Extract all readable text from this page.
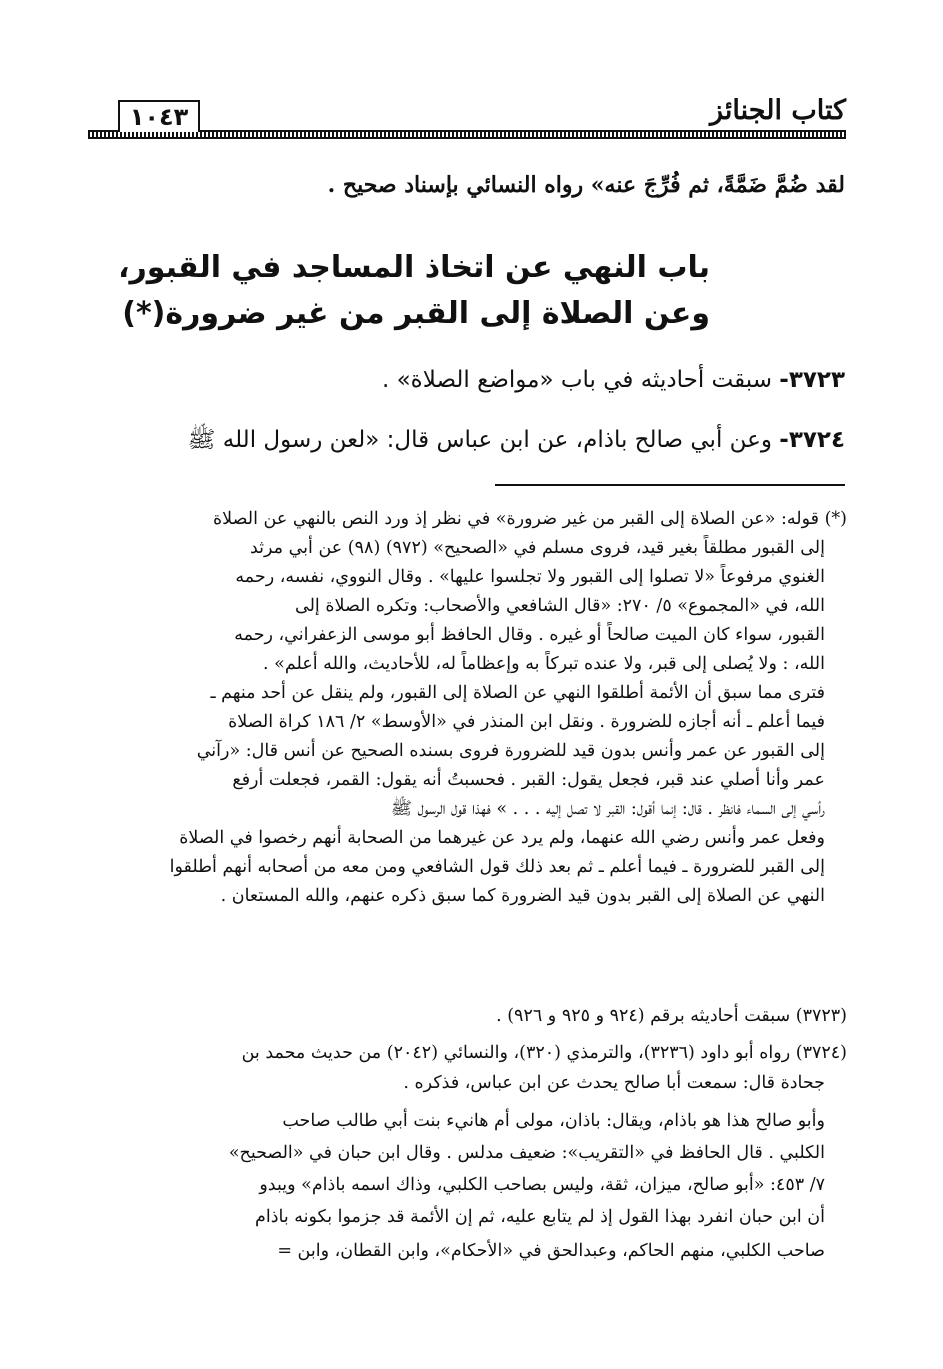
كتاب الجنائز
١٠٤٣
لقد ضُمَّ ضَمَّةً، ثم فُرِّجَ عنه» رواه النسائي بإسناد صحيح .
باب النهي عن اتخاذ المساجد في القبور،
وعن الصلاة إلى القبر من غير ضرورة(*)
٣٧٢٣- سبقت أحاديثه في باب «مواضع الصلاة» .
٣٧٢٤- وعن أبي صالح باذام، عن ابن عباس قال: «لعن رسول الله ﷺ
(*) قوله: «عن الصلاة إلى القبر من غير ضرورة» في نظر إذ ورد النص بالنهي عن الصلاة
إلى القبور مطلقاً بغير قيد، فروى مسلم في «الصحيح» (٩٧٢) (٩٨) عن أبي مرثد
الغنوي مرفوعاً «لا تصلوا إلى القبور ولا تجلسوا عليها» . وقال النووي، نفسه، رحمه
الله، في «المجموع» ٥/ ٢٧٠: «قال الشافعي والأصحاب: وتكره الصلاة إلى
القبور، سواء كان الميت صالحاً أو غيره . وقال الحافظ أبو موسى الزعفراني، رحمه
الله، : ولا يُصلى إلى قبر، ولا عنده تبركاً به وإعظاماً له، للأحاديث، والله أعلم» .
فترى مما سبق أن الأئمة أطلقوا النهي عن الصلاة إلى القبور، ولم ينقل عن أحد منهم ـ
فيما أعلم ـ أنه أجازه للضرورة . ونقل ابن المنذر في «الأوسط» ٢/ ١٨٦ كراة الصلاة
إلى القبور عن عمر وأنس بدون قيد للضرورة فروى بسنده الصحيح عن أنس قال: «رآني
عمر وأنا أصلي عند قبر، فجعل يقول: القبر . فحسبتُ أنه يقول: القمر، فجعلت أرفع
رأسي إلى السماء فانظر . قال: إنما أقول: القبر لا تصل إليه . . . » فهذا قول الرسول ﷺ
وفعل عمر وأنس رضي الله عنهما، ولم يرد عن غيرهما من الصحابة أنهم رخصوا في الصلاة
إلى القبر للضرورة ـ فيما أعلم ـ ثم بعد ذلك قول الشافعي ومن معه من أصحابه أنهم أطلقوا
النهي عن الصلاة إلى القبر بدون قيد الضرورة كما سبق ذكره عنهم، والله المستعان .
(٣٧٢٣) سبقت أحاديثه برقم (٩٢٤ و ٩٢٥ و ٩٢٦) .
(٣٧٢٤) رواه أبو داود (٣٢٣٦)، والترمذي (٣٢٠)، والنسائي (٢٠٤٢) من حديث محمد بن
جحادة قال: سمعت أبا صالح يحدث عن ابن عباس، فذكره .
وأبو صالح هذا هو باذام، ويقال: باذان، مولى أم هانيء بنت أبي طالب صاحب
الكلبي . قال الحافظ في «التقريب»: ضعيف مدلس . وقال ابن حبان في «الصحيح»
٧/ ٤٥٣: «أبو صالح، ميزان، ثقة، وليس بصاحب الكلبي، وذاك اسمه باذام» ويبدو
أن ابن حبان انفرد بهذا القول إذ لم يتابع عليه، ثم إن الأئمة قد جزموا بكونه باذام
صاحب الكلبي، منهم الحاكم، وعبدالحق في «الأحكام»، وابن القطان، وابن =
